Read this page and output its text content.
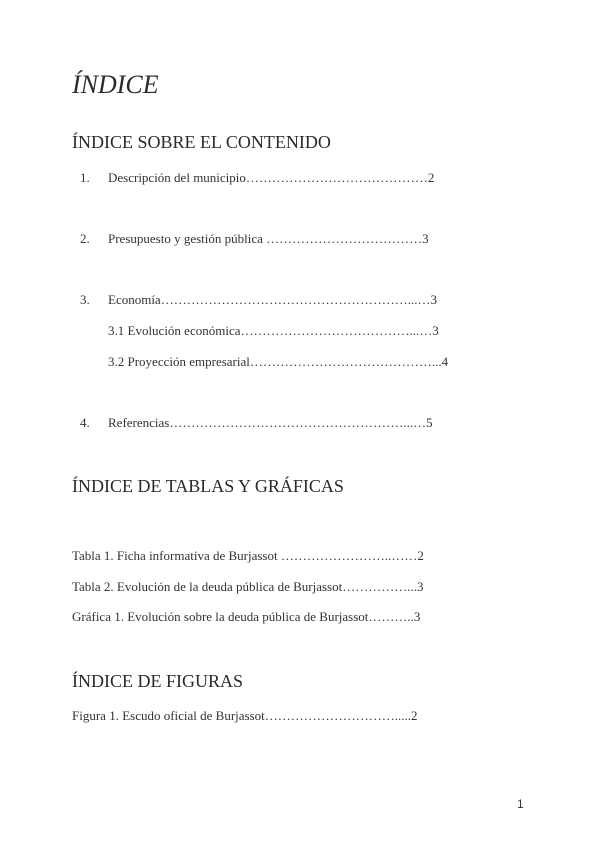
ÍNDICE
ÍNDICE SOBRE EL CONTENIDO
1. Descripción del municipio……………………………………2
2. Presupuesto y gestión pública ………………………………3
3. Economía…………………………………………………...…3
3.1 Evolución económica…………………………………...…3
3.2 Proyección empresarial……………………………………...4
4. Referencias………………………………………………...…5
ÍNDICE DE TABLAS Y GRÁFICAS
Tabla 1. Ficha informativa de Burjassot ……………………..……2
Tabla 2. Evolución de la deuda pública de Burjassot……………...3
Gráfica 1. Evolución sobre la deuda pública de Burjassot………..3
ÍNDICE DE FIGURAS
Figura 1. Escudo oficial de Burjassot………………………….....2
1
